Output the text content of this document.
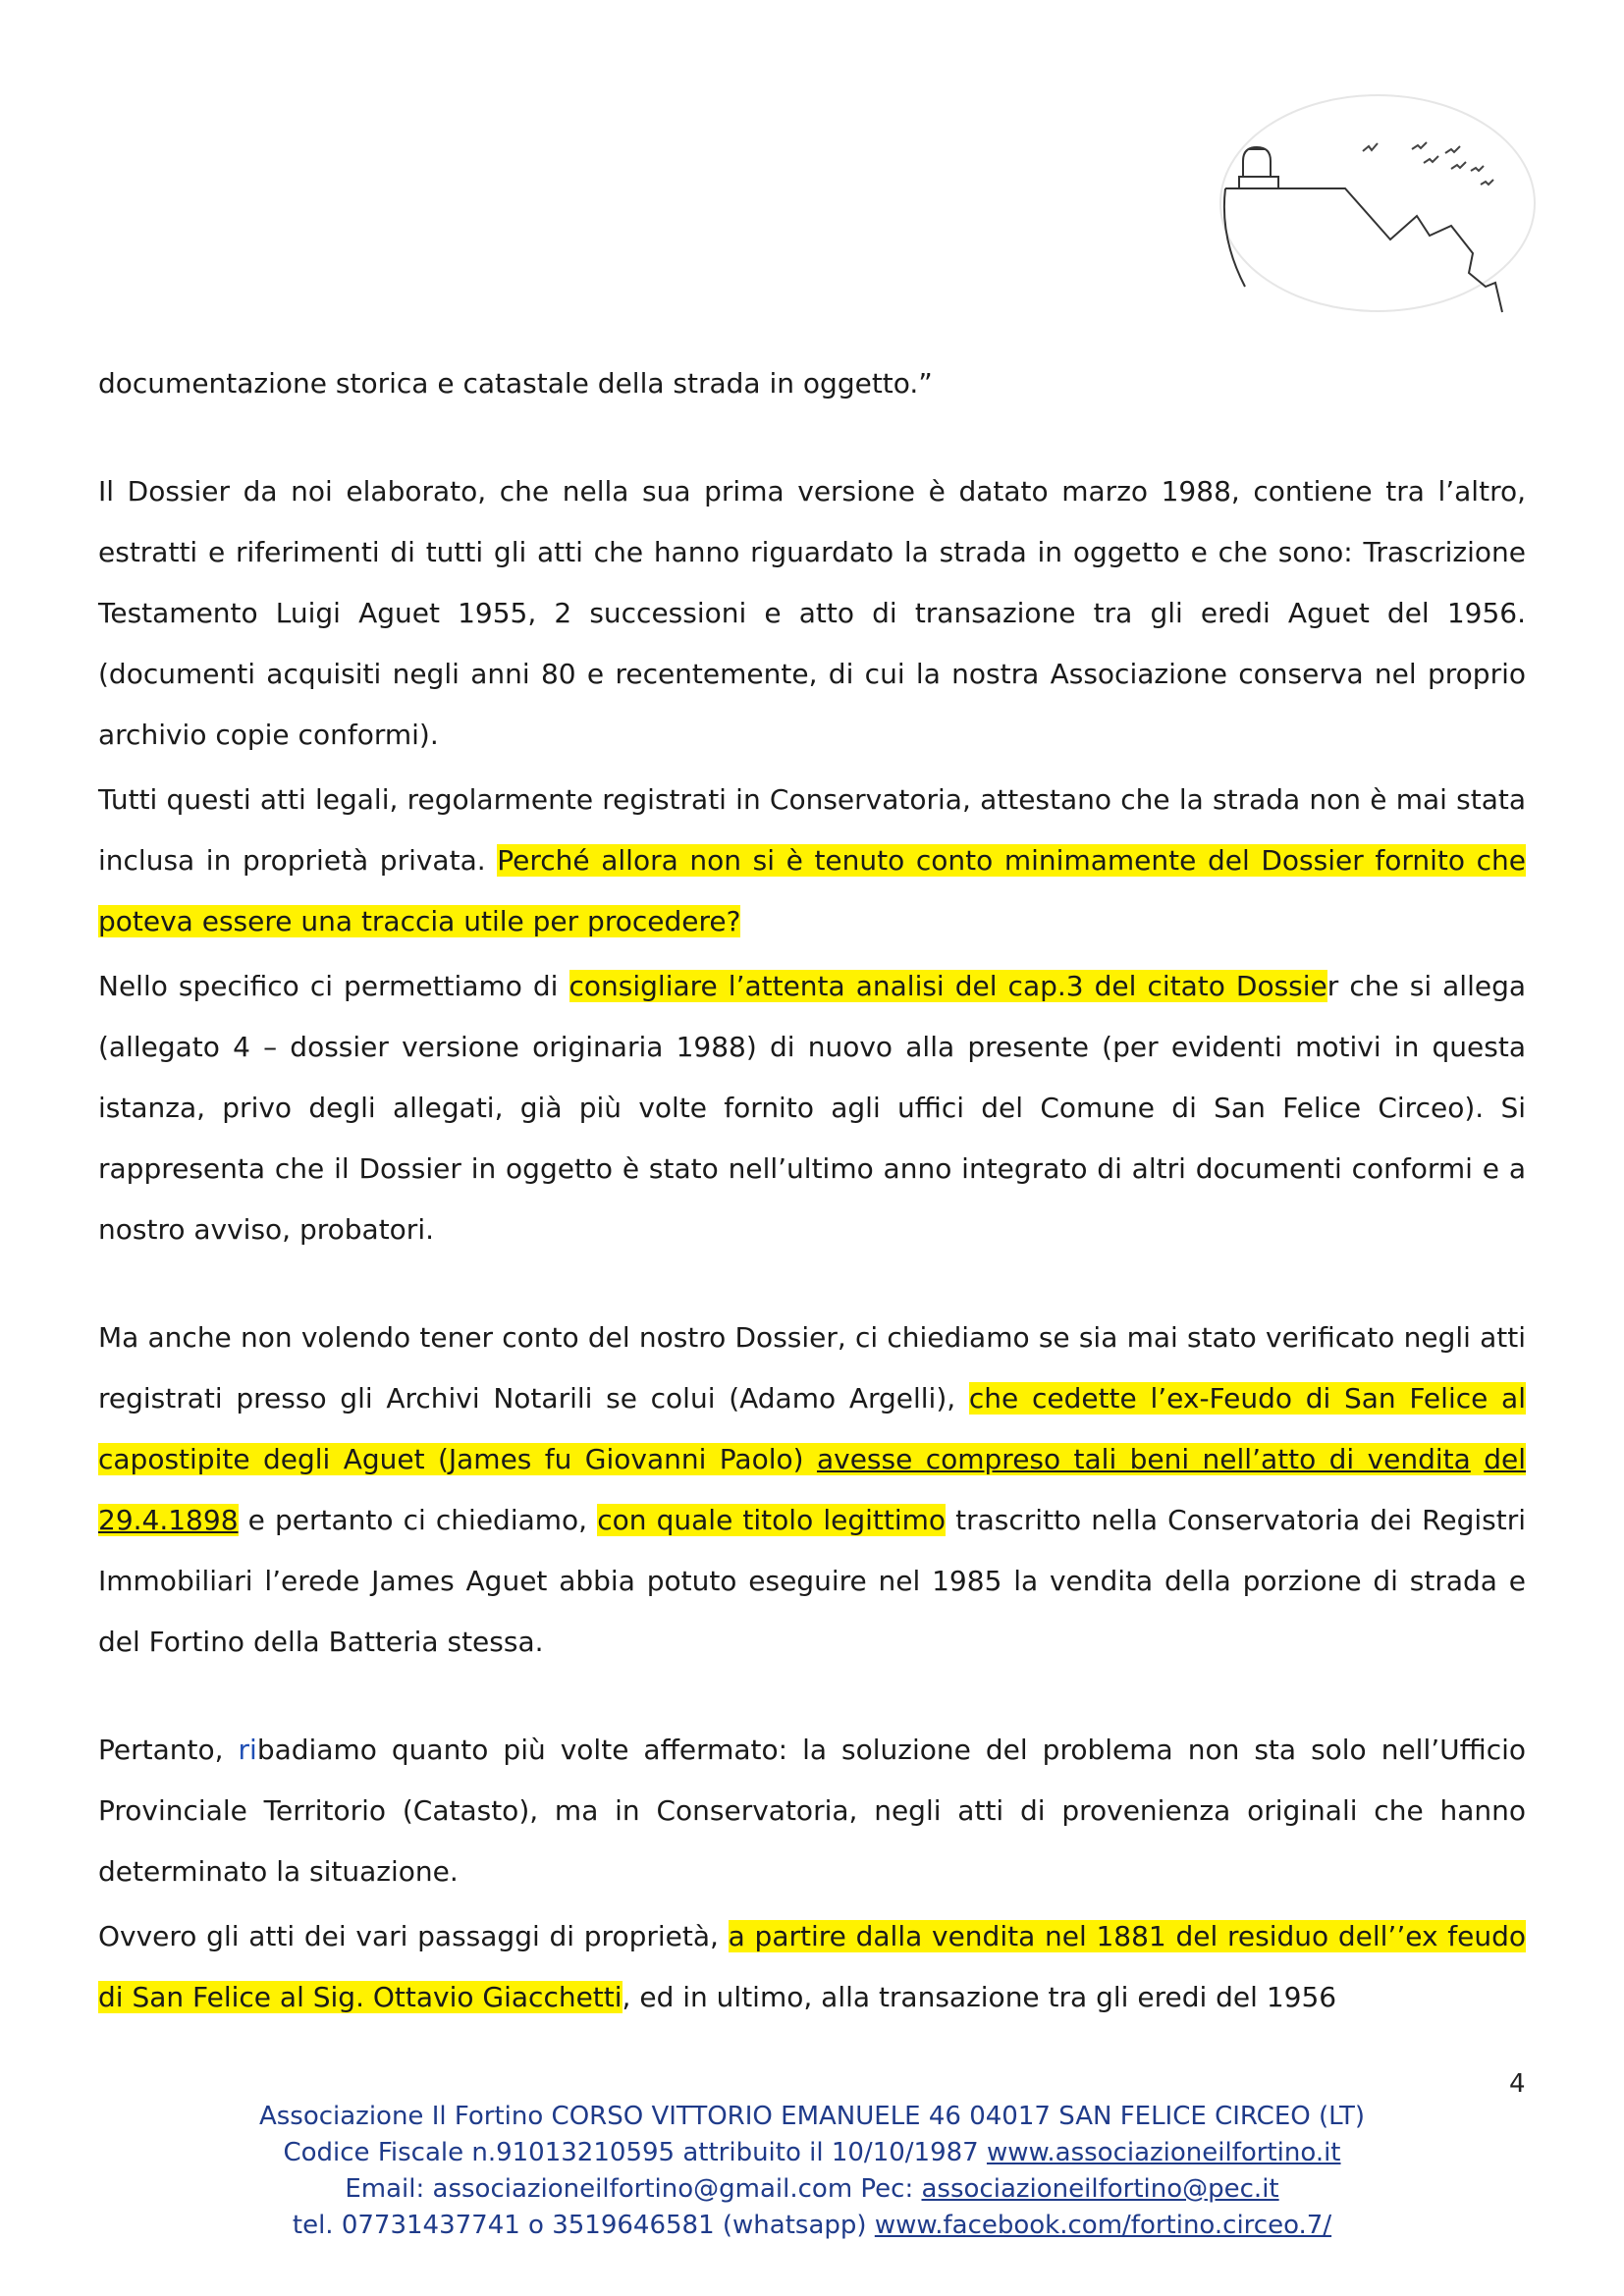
documentazione storica e catastale della strada in oggetto.”

Il Dossier da noi elaborato, che nella sua prima versione è datato marzo 1988, contiene tra l’altro, estratti e riferimenti di tutti gli atti che hanno riguardato la strada in oggetto e che sono: Trascrizione Testamento Luigi Aguet 1955, 2 successioni e atto di transazione tra gli eredi Aguet del 1956. (documenti acquisiti negli anni 80 e recentemente, di cui la nostra Associazione conserva nel proprio archivio copie conformi).

Tutti questi atti legali, regolarmente registrati in Conservatoria, attestano che la strada non è mai stata inclusa in proprietà privata. Perché allora non si è tenuto conto minimamente del Dossier fornito che poteva essere una traccia utile per procedere?

Nello specifico ci permettiamo di consigliare l’attenta analisi del cap.3 del citato Dossier che si allega (allegato 4 – dossier versione originaria 1988) di nuovo alla presente (per evidenti motivi in questa istanza, privo degli allegati, già più volte fornito agli uffici del Comune di San Felice Circeo). Si rappresenta che il Dossier in oggetto è stato nell’ultimo anno integrato di altri documenti conformi e a nostro avviso, probatori.

Ma anche non volendo tener conto del nostro Dossier, ci chiediamo se sia mai stato verificato negli atti registrati presso gli Archivi Notarili se colui (Adamo Argelli), che cedette l’ex-Feudo di San Felice al capostipite degli Aguet (James fu Giovanni Paolo) avesse compreso tali beni nell’atto di vendita del 29.4.1898 e pertanto ci chiediamo, con quale titolo legittimo trascritto nella Conservatoria dei Registri Immobiliari l’erede James Aguet abbia potuto eseguire nel 1985 la vendita della porzione di strada e del Fortino della Batteria stessa.

Pertanto, ribadiamo quanto più volte affermato: la soluzione del problema non sta solo nell’Ufficio Provinciale Territorio (Catasto), ma in Conservatoria, negli atti di provenienza originali che hanno determinato la situazione.

Ovvero gli atti dei vari passaggi di proprietà, a partire dalla vendita nel 1881 del residuo dell’’ex feudo di San Felice al Sig. Ottavio Giacchetti, ed in ultimo, alla transazione tra gli eredi del 1956

4
Associazione Il Fortino CORSO VITTORIO EMANUELE 46 04017 SAN FELICE CIRCEO (LT)
Codice Fiscale n.91013210595 attribuito il 10/10/1987 www.associazioneilfortino.it
Email: associazioneilfortino@gmail.com Pec: associazioneilfortino@pec.it
tel. 07731437741 o 3519646581 (whatsapp) www.facebook.com/fortino.circeo.7/
